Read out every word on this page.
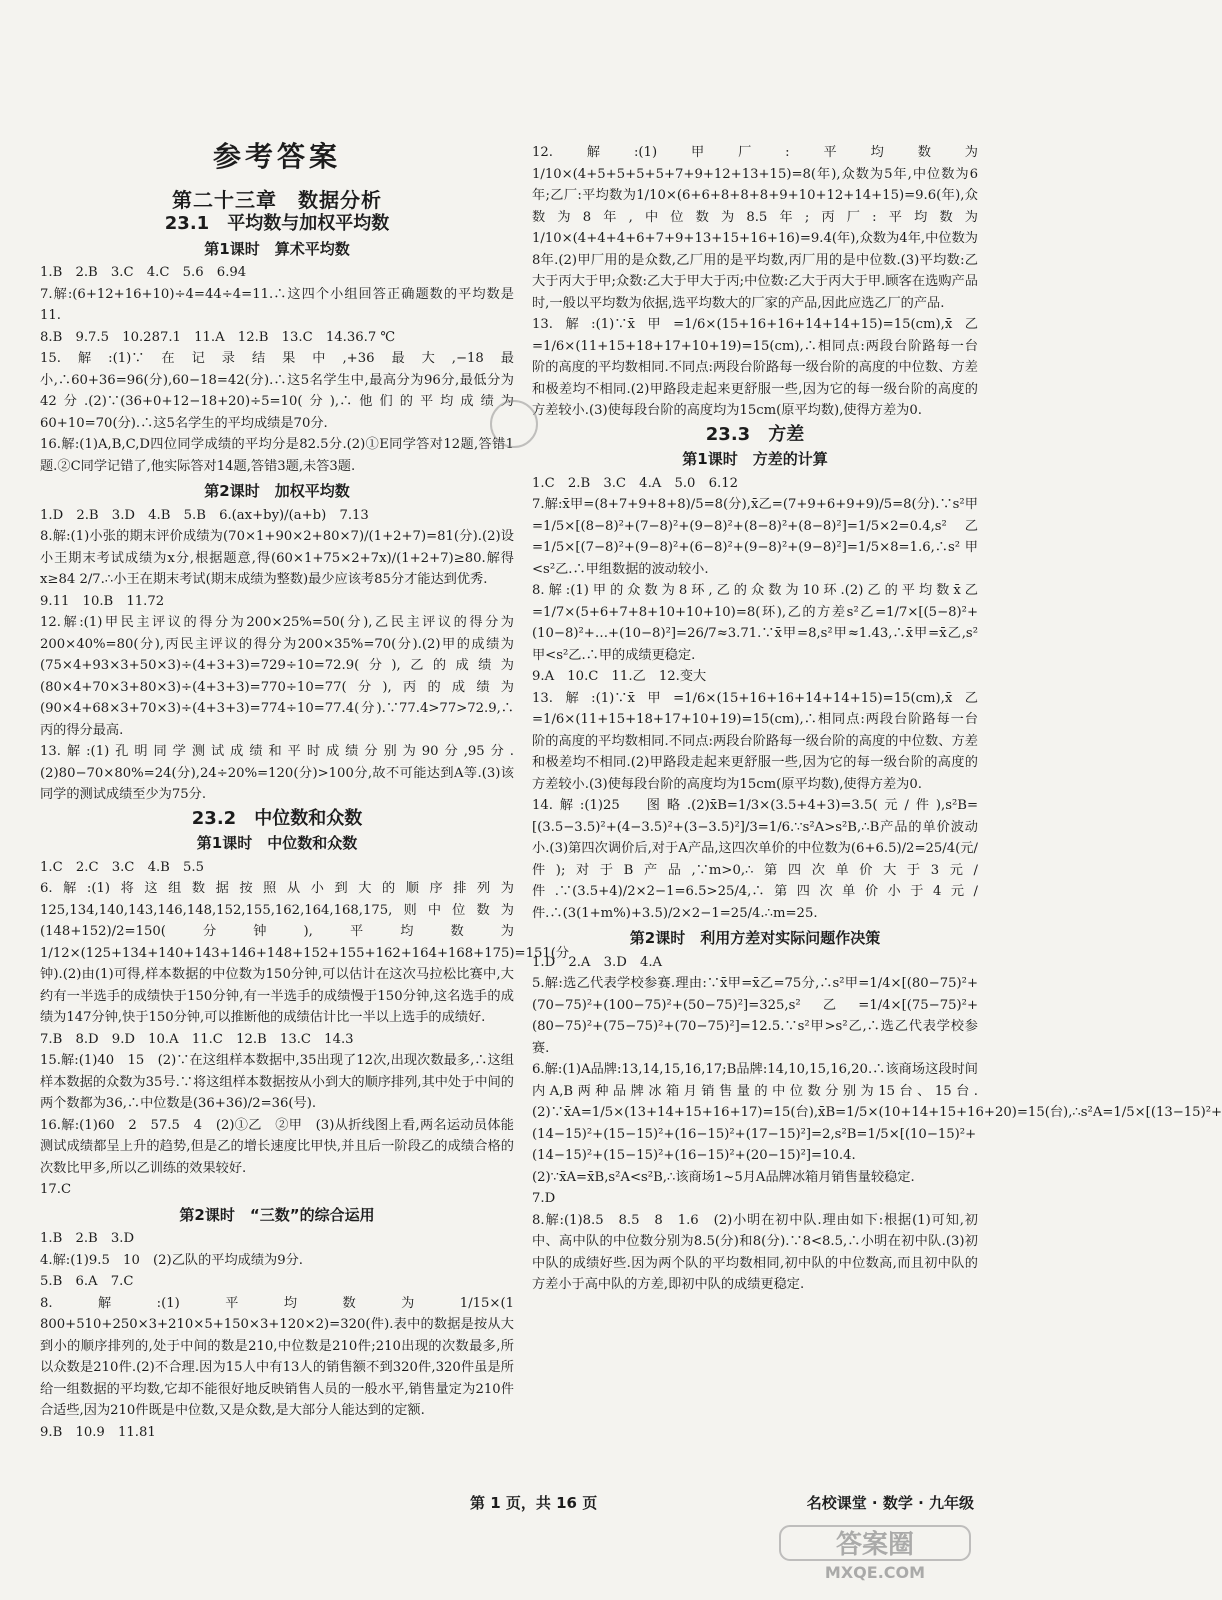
参考答案
第二十三章　数据分析
23.1　平均数与加权平均数
第1课时　算术平均数

1.B　2.B　3.C　4.C　5.6　6.94

7.解:(6+12+16+10)÷4=44÷4=11.∴这四个小组回答正确题数的平均数是11.

8.B　9.7.5　10.287.1　11.A　12.B　13.C　14.36.7 ℃

15.解:(1)∵在记录结果中,+36最大,−18最小,∴60+36=96(分),60−18=42(分).∴这5名学生中,最高分为96分,最低分为42分.(2)∵(36+0+12−18+20)÷5=10(分),∴他们的平均成绩为60+10=70(分).∴这5名学生的平均成绩是70分.

16.解:(1)A,B,C,D四位同学成绩的平均分是82.5分.(2)①E同学答对12题,答错1题.②C同学记错了,他实际答对14题,答错3题,未答3题.

第2课时　加权平均数

1.D　2.B　3.D　4.B　5.B　6.(ax+by)/(a+b)　7.13

8.解:(1)小张的期末评价成绩为(70×1+90×2+80×7)/(1+2+7)=81(分).(2)设小王期末考试成绩为x分,根据题意,得(60×1+75×2+7x)/(1+2+7)≥80.解得x≥84 2/7.∴小王在期末考试(期末成绩为整数)最少应该考85分才能达到优秀.

9.11　10.B　11.72

12.解:(1)甲民主评议的得分为200×25%=50(分),乙民主评议的得分为200×40%=80(分),丙民主评议的得分为200×35%=70(分).(2)甲的成绩为(75×4+93×3+50×3)÷(4+3+3)=729÷10=72.9(分),乙的成绩为(80×4+70×3+80×3)÷(4+3+3)=770÷10=77(分),丙的成绩为(90×4+68×3+70×3)÷(4+3+3)=774÷10=77.4(分).∵77.4>77>72.9,∴丙的得分最高.

13.解:(1)孔明同学测试成绩和平时成绩分别为90分,95分.(2)80−70×80%=24(分),24÷20%=120(分)>100分,故不可能达到A等.(3)该同学的测试成绩至少为75分.

23.2　中位数和众数
第1课时　中位数和众数

1.C　2.C　3.C　4.B　5.5

6.解:(1)将这组数据按照从小到大的顺序排列为125,134,140,143,146,148,152,155,162,164,168,175,则中位数为(148+152)/2=150(分钟),平均数为1/12×(125+134+140+143+146+148+152+155+162+164+168+175)=151(分钟).(2)由(1)可得,样本数据的中位数为150分钟,可以估计在这次马拉松比赛中,大约有一半选手的成绩快于150分钟,有一半选手的成绩慢于150分钟,这名选手的成绩为147分钟,快于150分钟,可以推断他的成绩估计比一半以上选手的成绩好.

7.B　8.D　9.D　10.A　11.C　12.B　13.C　14.3

15.解:(1)40　15　(2)∵在这组样本数据中,35出现了12次,出现次数最多,∴这组样本数据的众数为35号.∵将这组样本数据按从小到大的顺序排列,其中处于中间的两个数都为36,∴中位数是(36+36)/2=36(号).

16.解:(1)60　2　57.5　4　(2)①乙　②甲　(3)从折线图上看,两名运动员体能测试成绩都呈上升的趋势,但是乙的增长速度比甲快,并且后一阶段乙的成绩合格的次数比甲多,所以乙训练的效果较好.

17.C

第2课时　“三数”的综合运用

1.B　2.B　3.D

4.解:(1)9.5　10　(2)乙队的平均成绩为9分.

5.B　6.A　7.C

8.解:(1)平均数为1/15×(1 800+510+250×3+210×5+150×3+120×2)=320(件).表中的数据是按从大到小的顺序排列的,处于中间的数是210,中位数是210件;210出现的次数最多,所以众数是210件.(2)不合理.因为15人中有13人的销售额不到320件,320件虽是所给一组数据的平均数,它却不能很好地反映销售人员的一般水平,销售量定为210件合适些,因为210件既是中位数,又是众数,是大部分人能达到的定额.

9.B　10.9　11.81

12.解:(1)甲厂:平均数为1/10×(4+5+5+5+5+7+9+12+13+15)=8(年),众数为5年,中位数为6年;乙厂:平均数为1/10×(6+6+8+8+8+9+10+12+14+15)=9.6(年),众数为8年,中位数为8.5年;丙厂:平均数为1/10×(4+4+4+6+7+9+13+15+16+16)=9.4(年),众数为4年,中位数为8年.(2)甲厂用的是众数,乙厂用的是平均数,丙厂用的是中位数.(3)平均数:乙大于丙大于甲;众数:乙大于甲大于丙;中位数:乙大于丙大于甲.顾客在选购产品时,一般以平均数为依据,选平均数大的厂家的产品,因此应选乙厂的产品.

13.解:(1)∵x̄甲=1/6×(15+16+16+14+14+15)=15(cm),x̄乙=1/6×(11+15+18+17+10+19)=15(cm),∴相同点:两段台阶路每一台阶的高度的平均数相同.不同点:两段台阶路每一级台阶的高度的中位数、方差和极差均不相同.(2)甲路段走起来更舒服一些,因为它的每一级台阶的高度的方差较小.(3)使每段台阶的高度均为15cm(原平均数),使得方差为0.

23.3　方差
第1课时　方差的计算

1.C　2.B　3.C　4.A　5.0　6.12

7.解:x̄甲=(8+7+9+8+8)/5=8(分),x̄乙=(7+9+6+9+9)/5=8(分).∵s²甲=1/5×[(8−8)²+(7−8)²+(9−8)²+(8−8)²+(8−8)²]=1/5×2=0.4,s²乙=1/5×[(7−8)²+(9−8)²+(6−8)²+(9−8)²+(9−8)²]=1/5×8=1.6,∴s²甲<s²乙.∴甲组数据的波动较小.

8.解:(1)甲的众数为8环,乙的众数为10环.(2)乙的平均数x̄乙=1/7×(5+6+7+8+10+10+10)=8(环),乙的方差s²乙=1/7×[(5−8)²+(10−8)²+…+(10−8)²]=26/7≈3.71.∵x̄甲=8,s²甲≈1.43,∴x̄甲=x̄乙,s²甲<s²乙.∴甲的成绩更稳定.

9.A　10.C　11.乙　12.变大

13.解:(1)∵x̄甲=1/6×(15+16+16+14+14+15)=15(cm),x̄乙=1/6×(11+15+18+17+10+19)=15(cm),∴相同点:两段台阶路每一台阶的高度的平均数相同.不同点:两段台阶路每一级台阶的高度的中位数、方差和极差均不相同.(2)甲路段走起来更舒服一些,因为它的每一级台阶的高度的方差较小.(3)使每段台阶的高度均为15cm(原平均数),使得方差为0.

14.解:(1)25　图略.(2)x̄B=1/3×(3.5+4+3)=3.5(元/件),s²B=[(3.5−3.5)²+(4−3.5)²+(3−3.5)²]/3=1/6.∵s²A>s²B,∴B产品的单价波动小.(3)第四次调价后,对于A产品,这四次单价的中位数为(6+6.5)/2=25/4(元/件);对于B产品,∵m>0,∴第四次单价大于3元/件.∵(3.5+4)/2×2−1=6.5>25/4,∴第四次单价小于4元/件.∴(3(1+m%)+3.5)/2×2−1=25/4.∴m=25.

第2课时　利用方差对实际问题作决策

1.D　2.A　3.D　4.A

5.解:选乙代表学校参赛.理由:∵x̄甲=x̄乙=75分,∴s²甲=1/4×[(80−75)²+(70−75)²+(100−75)²+(50−75)²]=325,s²乙=1/4×[(75−75)²+(80−75)²+(75−75)²+(70−75)²]=12.5.∵s²甲>s²乙,∴选乙代表学校参赛.

6.解:(1)A品牌:13,14,15,16,17;B品牌:14,10,15,16,20.∴该商场这段时间内A,B两种品牌冰箱月销售量的中位数分别为15台、15台.(2)∵x̄A=1/5×(13+14+15+16+17)=15(台),x̄B=1/5×(10+14+15+16+20)=15(台),∴s²A=1/5×[(13−15)²+(14−15)²+(15−15)²+(16−15)²+(17−15)²]=2,s²B=1/5×[(10−15)²+(14−15)²+(15−15)²+(16−15)²+(20−15)²]=10.4.(2)∵x̄A=x̄B,s²A<s²B,∴该商场1~5月A品牌冰箱月销售量较稳定.

7.D

8.解:(1)8.5　8.5　8　1.6　(2)小明在初中队.理由如下:根据(1)可知,初中、高中队的中位数分别为8.5(分)和8(分).∵8<8.5,∴小明在初中队.(3)初中队的成绩好些.因为两个队的平均数相同,初中队的中位数高,而且初中队的方差小于高中队的方差,即初中队的成绩更稳定.

第 1 页，共 16 页	名校课堂 · 数学 · 九年级
答案圈
MXQE.COM
